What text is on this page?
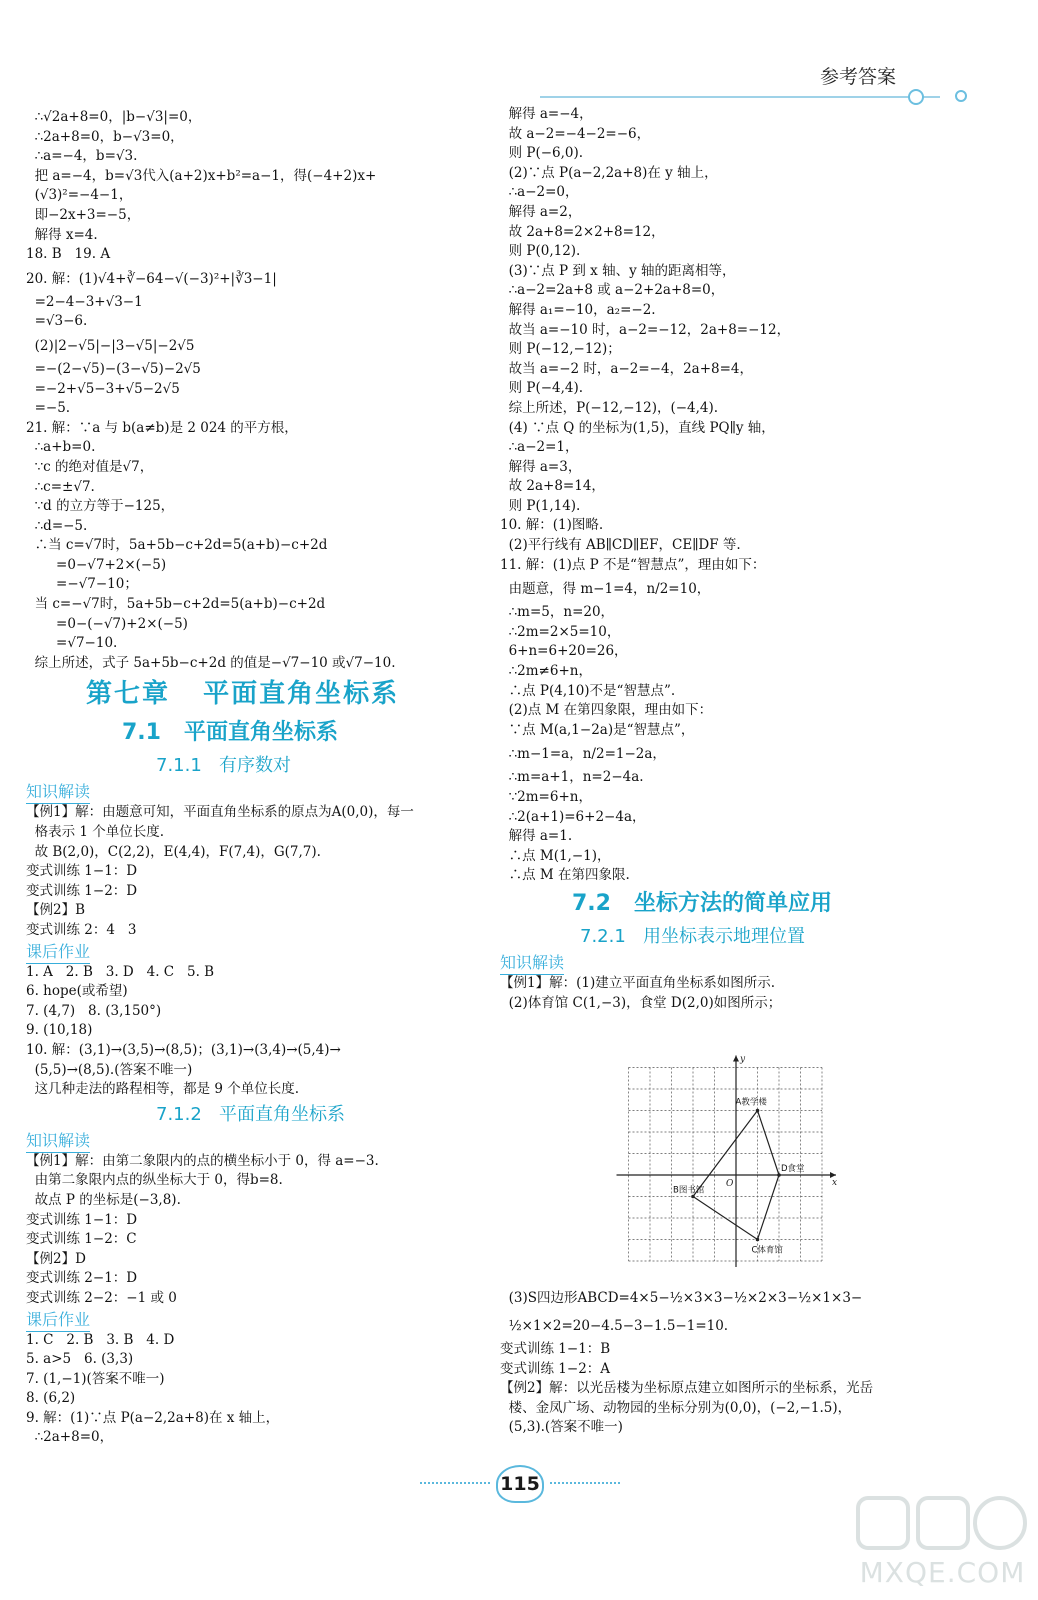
参考答案
∴√2a+8=0，|b−√3|=0，
∴2a+8=0，b−√3=0，
∴a=−4，b=√3.
把 a=−4，b=√3代入(a+2)x+b²=a−1，得(−4+2)x+
(√3)²=−4−1，
即−2x+3=−5，
解得 x=4.
18. B   19. A
20. 解：(1)√4+∛−64−√(−3)²+|∛3−1|
=2−4−3+√3−1
=√3−6.
(2)|2−√5|−|3−√5|−2√5
=−(2−√5)−(3−√5)−2√5
=−2+√5−3+√5−2√5
=−5.
21. 解：∵a 与 b(a≠b)是 2 024 的平方根，
∴a+b=0.
∵c 的绝对值是√7，
∴c=±√7.
∵d 的立方等于−125，
∴d=−5.
∴当 c=√7时，5a+5b−c+2d=5(a+b)−c+2d
=0−√7+2×(−5)
=−√7−10；
当 c=−√7时，5a+5b−c+2d=5(a+b)−c+2d
=0−(−√7)+2×(−5)
=√7−10.
综上所述，式子 5a+5b−c+2d 的值是−√7−10 或√7−10.
第七章   平面直角坐标系
7.1   平面直角坐标系
7.1.1   有序数对
知识解读
【例1】解：由题意可知，平面直角坐标系的原点为A(0,0)，每一
格表示 1 个单位长度.
故 B(2,0)，C(2,2)，E(4,4)，F(7,4)，G(7,7).
变式训练 1−1：D
变式训练 1−2：D
【例2】B
变式训练 2：4   3
课后作业
1. A   2. B   3. D   4. C   5. B
6. hope(或希望)
7. (4,7)   8. (3,150°)
9. (10,18)
10. 解：(3,1)→(3,5)→(8,5)；(3,1)→(3,4)→(5,4)→
(5,5)→(8,5).(答案不唯一)
这几种走法的路程相等，都是 9 个单位长度.
7.1.2   平面直角坐标系
知识解读
【例1】解：由第二象限内的点的横坐标小于 0，得 a=−3.
由第二象限内点的纵坐标大于 0，得b=8.
故点 P 的坐标是(−3,8).
变式训练 1−1：D
变式训练 1−2：C
【例2】D
变式训练 2−1：D
变式训练 2−2：−1 或 0
课后作业
1. C   2. B   3. B   4. D
5. a>5   6. (3,3)
7. (1,−1)(答案不唯一)
8. (6,2)
9. 解：(1)∵点 P(a−2,2a+8)在 x 轴上，
∴2a+8=0，
解得 a=−4，
故 a−2=−4−2=−6，
则 P(−6,0).
(2)∵点 P(a−2,2a+8)在 y 轴上，
∴a−2=0，
解得 a=2，
故 2a+8=2×2+8=12，
则 P(0,12).
(3)∵点 P 到 x 轴、y 轴的距离相等，
∴a−2=2a+8 或 a−2+2a+8=0，
解得 a₁=−10，a₂=−2.
故当 a=−10 时，a−2=−12，2a+8=−12，
则 P(−12,−12)；
故当 a=−2 时，a−2=−4，2a+8=4，
则 P(−4,4).
综上所述，P(−12,−12)，(−4,4).
(4) ∵点 Q 的坐标为(1,5)，直线 PQ∥y 轴，
∴a−2=1，
解得 a=3，
故 2a+8=14，
则 P(1,14).
10. 解：(1)图略.
(2)平行线有 AB∥CD∥EF，CE∥DF 等.
11. 解：(1)点 P 不是“智慧点”，理由如下：
由题意，得 m−1=4，n/2=10，
∴m=5，n=20，
∴2m=2×5=10，
6+n=6+20=26，
∴2m≠6+n，
∴点 P(4,10)不是“智慧点”.
(2)点 M 在第四象限，理由如下：
∵点 M(a,1−2a)是“智慧点”，
∴m−1=a，n/2=1−2a，
∴m=a+1，n=2−4a.
∵2m=6+n，
∴2(a+1)=6+2−4a，
解得 a=1.
∴点 M(1,−1)，
∴点 M 在第四象限.
7.2   坐标方法的简单应用
7.2.1   用坐标表示地理位置
知识解读
【例1】解：(1)建立平面直角坐标系如图所示.
(2)体育馆 C(1,−3)，食堂 D(2,0)如图所示；
x
y
O
A教学楼
B图书馆
C体育馆
D食堂
(3)S四边形ABCD=4×5−½×3×3−½×2×3−½×1×3−
½×1×2=20−4.5−3−1.5−1=10.
变式训练 1−1：B
变式训练 1−2：A
【例2】解：以光岳楼为坐标原点建立如图所示的坐标系，光岳
楼、金凤广场、动物园的坐标分别为(0,0)，(−2,−1.5)，
(5,3).(答案不唯一)
115
MXQE.COM
